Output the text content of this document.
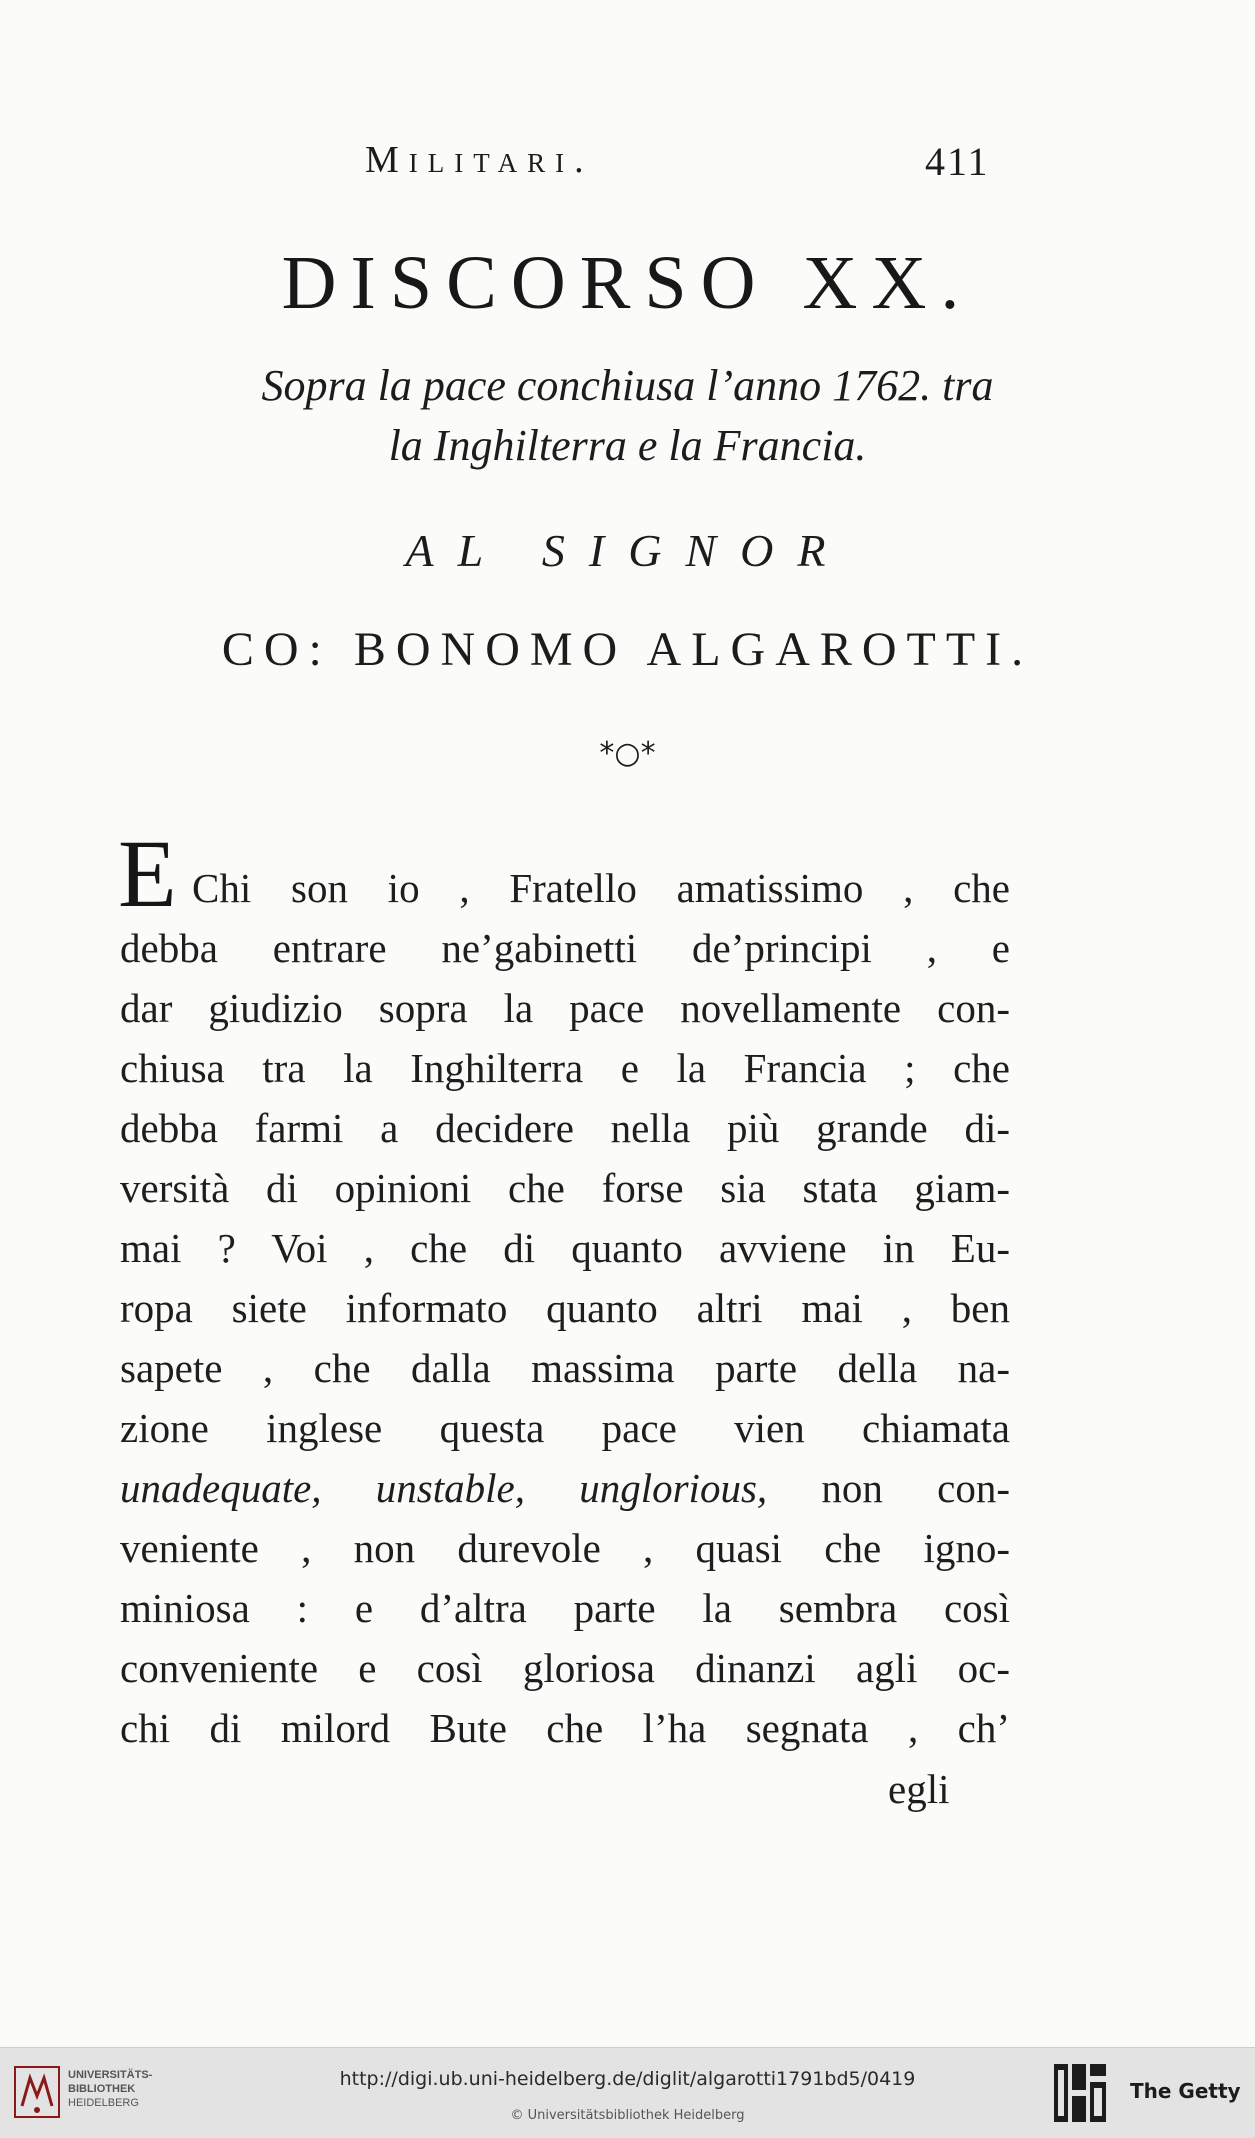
Militari.	411
DISCORSO XX.
Sopra la pace conchiusa l’anno 1762. tra
la Inghilterra e la Francia.
AL SIGNOR
CO: BONOMO ALGAROTTI.
*○*
E Chi son io , Fratello amatissimo , che
debba entrare ne’gabinetti de’principi , e
dar giudizio sopra la pace novellamente con-
chiusa tra la Inghilterra e la Francia ; che
debba farmi a decidere nella più grande di-
versità di opinioni che forse sia stata giam-
mai ? Voi , che di quanto avviene in Eu-
ropa siete informato quanto altri mai , ben
sapete , che dalla massima parte della na-
zione inglese questa pace vien chiamata
unadequate, unstable, unglorious, non con-
veniente , non durevole , quasi che igno-
miniosa : e d’altra parte la sembra così
conveniente e così gloriosa dinanzi agli oc-
chi di milord Bute che l’ha segnata , ch’
egli
UNIVERSITÄTS-
BIBLIOTHEK
HEIDELBERG
http://digi.ub.uni-heidelberg.de/diglit/algarotti1791bd5/0419
© Universitätsbibliothek Heidelberg
The Getty
